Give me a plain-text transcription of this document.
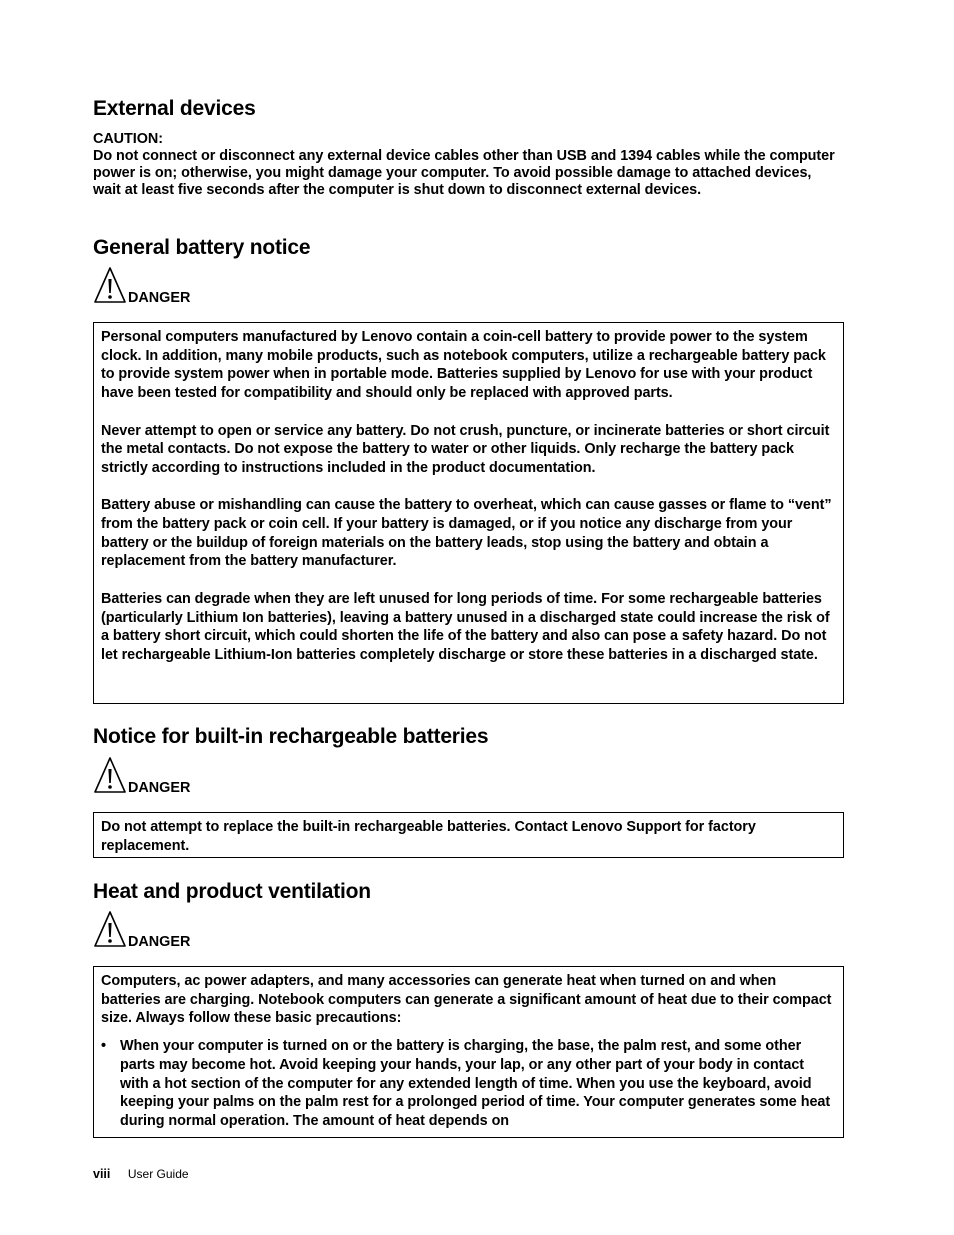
External devices
CAUTION:
Do not connect or disconnect any external device cables other than USB and 1394 cables while the computer power is on; otherwise, you might damage your computer. To avoid possible damage to attached devices, wait at least five seconds after the computer is shut down to disconnect external devices.
General battery notice
DANGER

Personal computers manufactured by Lenovo contain a coin-cell battery to provide power to the system clock. In addition, many mobile products, such as notebook computers, utilize a rechargeable battery pack to provide system power when in portable mode. Batteries supplied by Lenovo for use with your product have been tested for compatibility and should only be replaced with approved parts.

Never attempt to open or service any battery. Do not crush, puncture, or incinerate batteries or short circuit the metal contacts. Do not expose the battery to water or other liquids. Only recharge the battery pack strictly according to instructions included in the product documentation.

Battery abuse or mishandling can cause the battery to overheat, which can cause gasses or flame to “vent” from the battery pack or coin cell. If your battery is damaged, or if you notice any discharge from your battery or the buildup of foreign materials on the battery leads, stop using the battery and obtain a replacement from the battery manufacturer.

Batteries can degrade when they are left unused for long periods of time. For some rechargeable batteries (particularly Lithium Ion batteries), leaving a battery unused in a discharged state could increase the risk of a battery short circuit, which could shorten the life of the battery and also can pose a safety hazard. Do not let rechargeable Lithium-Ion batteries completely discharge or store these batteries in a discharged state.

Notice for built-in rechargeable batteries
DANGER

Do not attempt to replace the built-in rechargeable batteries. Contact Lenovo Support for factory replacement.

Heat and product ventilation
DANGER

Computers, ac power adapters, and many accessories can generate heat when turned on and when batteries are charging. Notebook computers can generate a significant amount of heat due to their compact size. Always follow these basic precautions:

• When your computer is turned on or the battery is charging, the base, the palm rest, and some other parts may become hot. Avoid keeping your hands, your lap, or any other part of your body in contact with a hot section of the computer for any extended length of time. When you use the keyboard, avoid keeping your palms on the palm rest for a prolonged period of time. Your computer generates some heat during normal operation. The amount of heat depends on
viii User Guide
